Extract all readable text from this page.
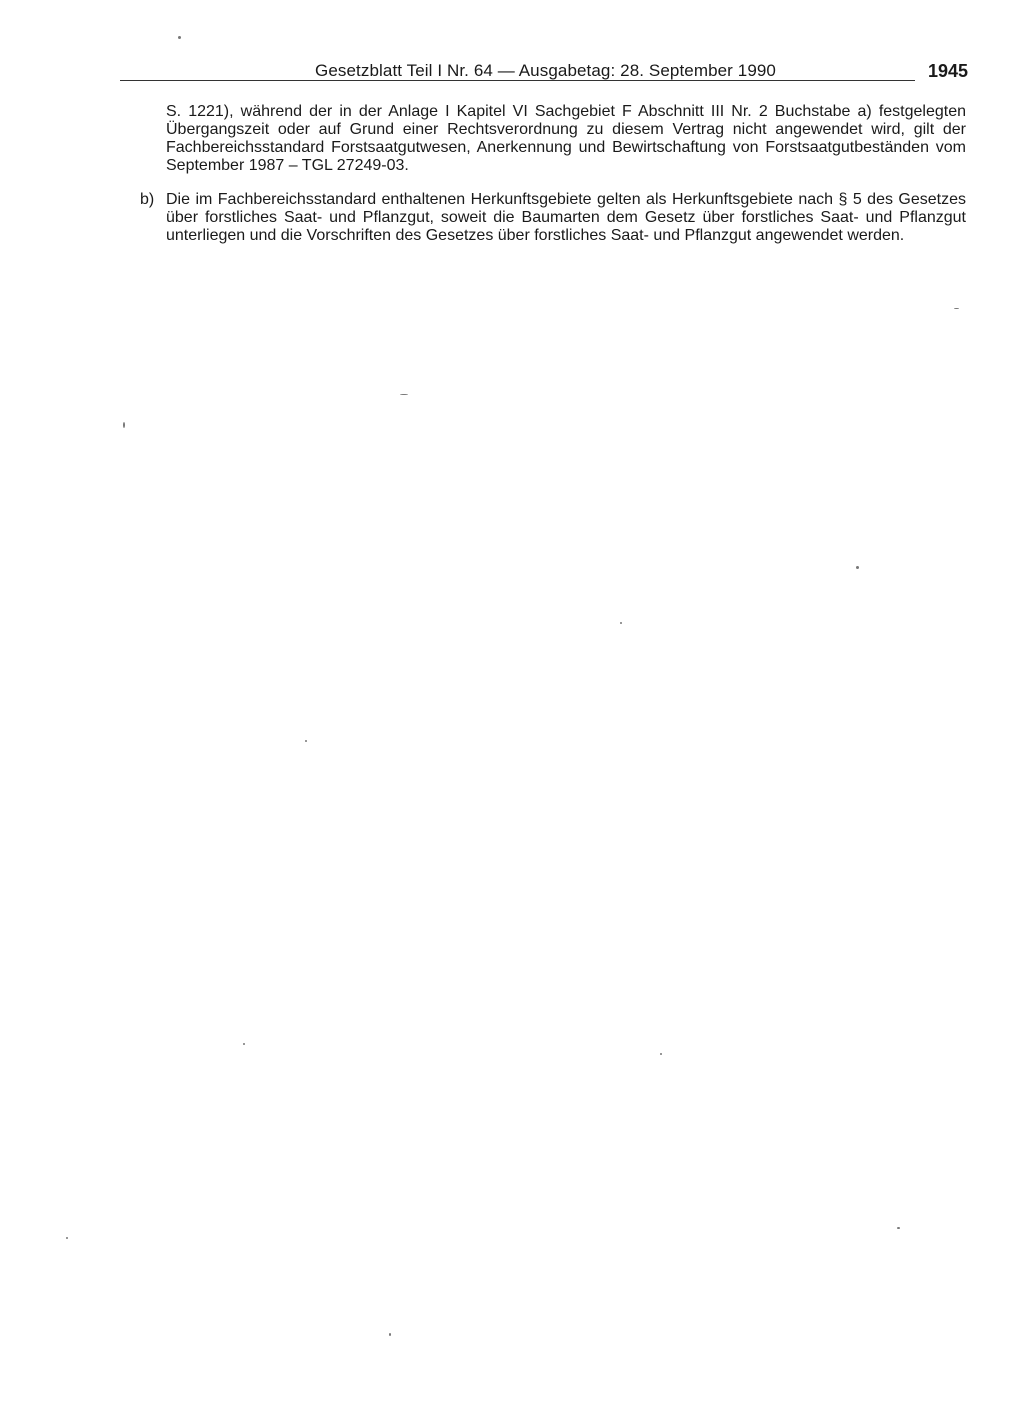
Gesetzblatt Teil I Nr. 64 — Ausgabetag: 28. September 1990	1945
S. 1221), während der in der Anlage I Kapitel VI Sachgebiet F Abschnitt III Nr. 2 Buchstabe a) festgelegten Übergangszeit oder auf Grund einer Rechtsverordnung zu diesem Vertrag nicht angewendet wird, gilt der Fachbereichsstandard Forstsaatgutwesen, Anerkennung und Bewirtschaftung von Forstsaatgutbeständen vom September 1987 – TGL 27249-03.
b) Die im Fachbereichsstandard enthaltenen Herkunftsgebiete gelten als Herkunftsgebiete nach § 5 des Gesetzes über forstliches Saat- und Pflanzgut, soweit die Baumarten dem Gesetz über forstliches Saat- und Pflanzgut unterliegen und die Vorschriften des Gesetzes über forstliches Saat- und Pflanzgut angewendet werden.
